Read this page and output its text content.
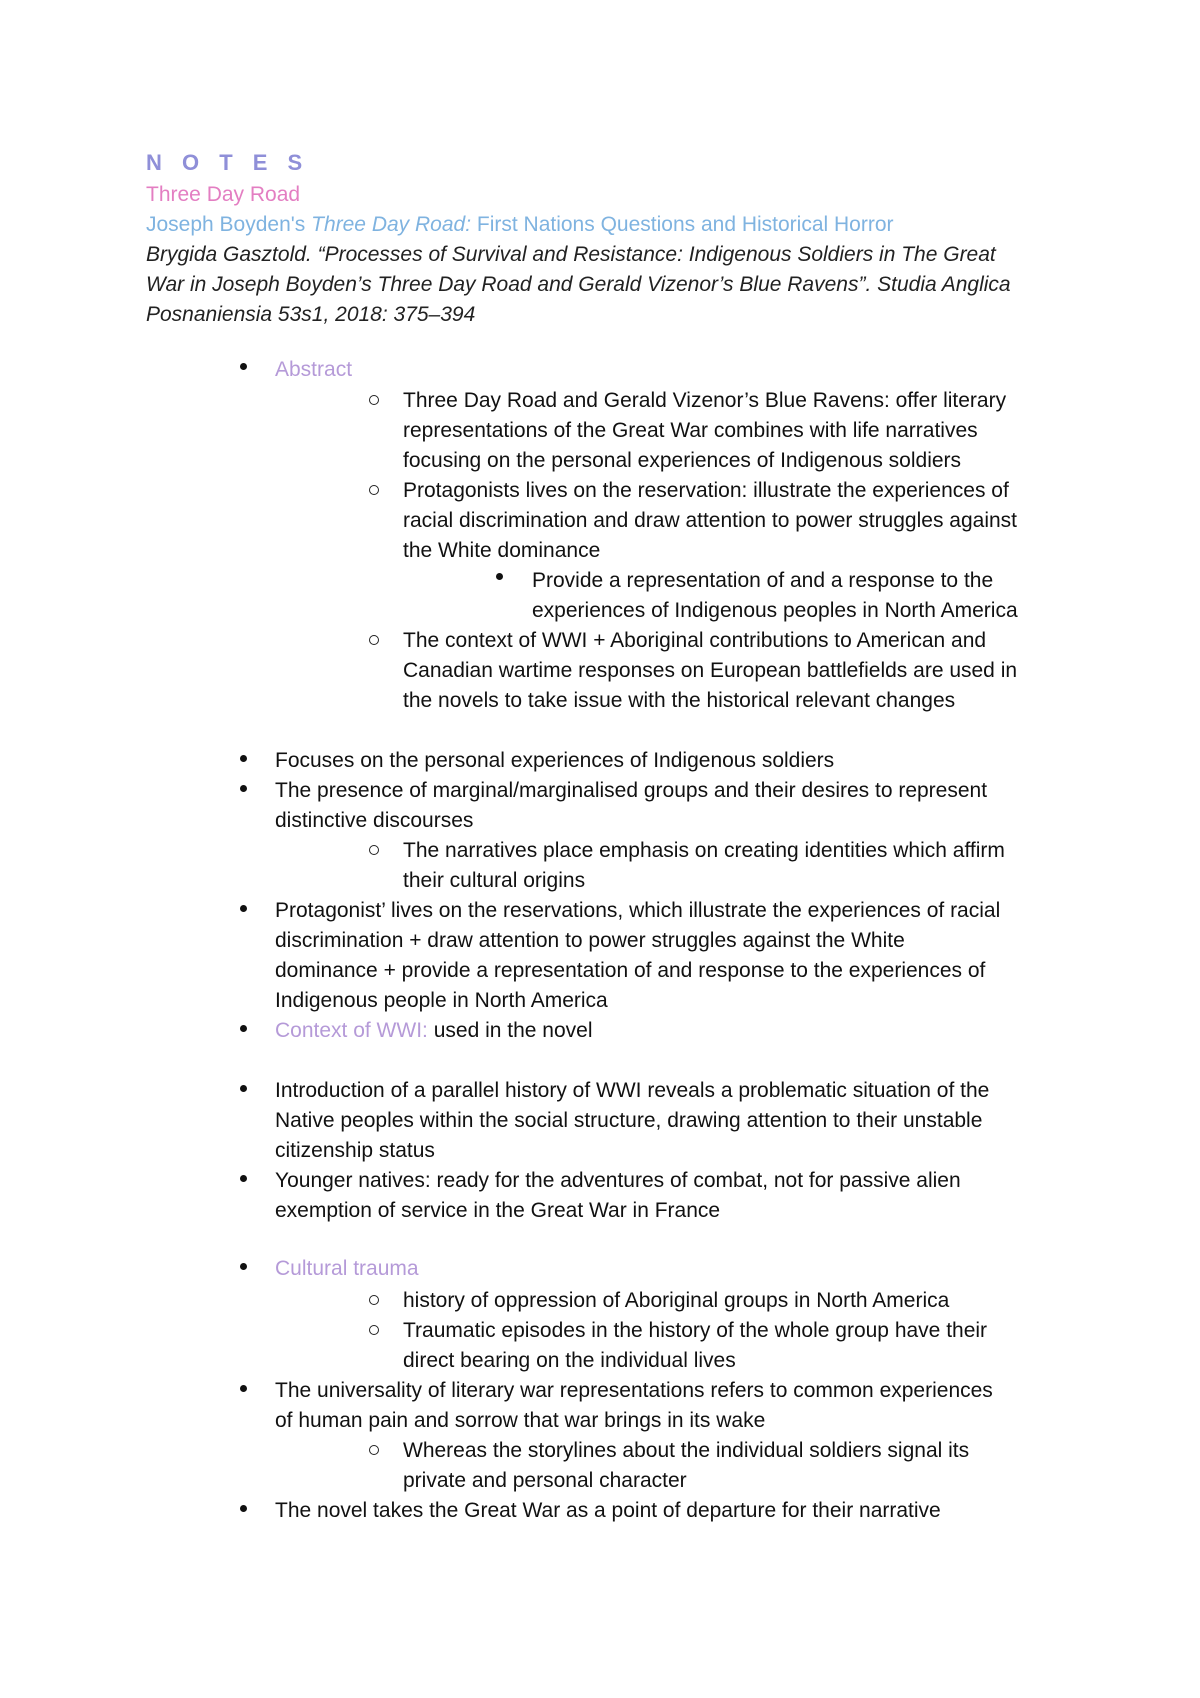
N O T E S
Three Day Road
Joseph Boyden's Three Day Road: First Nations Questions and Historical Horror
Brygida Gasztold. “Processes of Survival and Resistance: Indigenous Soldiers in The Great
War in Joseph Boyden’s Three Day Road and Gerald Vizenor’s Blue Ravens”. Studia Anglica
Posnaniensia 53s1, 2018: 375–394
Abstract
Three Day Road and Gerald Vizenor’s Blue Ravens: offer literary
representations of the Great War combines with life narratives
focusing on the personal experiences of Indigenous soldiers
Protagonists lives on the reservation: illustrate the experiences of
racial discrimination and draw attention to power struggles against
the White dominance
Provide a representation of and a response to the
experiences of Indigenous peoples in North America
The context of WWI + Aboriginal contributions to American and
Canadian wartime responses on European battlefields are used in
the novels to take issue with the historical relevant changes
Focuses on the personal experiences of Indigenous soldiers
The presence of marginal/marginalised groups and their desires to represent
distinctive discourses
The narratives place emphasis on creating identities which affirm
their cultural origins
Protagonist’ lives on the reservations, which illustrate the experiences of racial
discrimination + draw attention to power struggles against the White
dominance + provide a representation of and response to the experiences of
Indigenous people in North America
Context of WWI: used in the novel
Introduction of a parallel history of WWI reveals a problematic situation of the
Native peoples within the social structure, drawing attention to their unstable
citizenship status
Younger natives: ready for the adventures of combat, not for passive alien
exemption of service in the Great War in France
Cultural trauma
history of oppression of Aboriginal groups in North America
Traumatic episodes in the history of the whole group have their
direct bearing on the individual lives
The universality of literary war representations refers to common experiences
of human pain and sorrow that war brings in its wake
Whereas the storylines about the individual soldiers signal its
private and personal character
The novel takes the Great War as a point of departure for their narrative
